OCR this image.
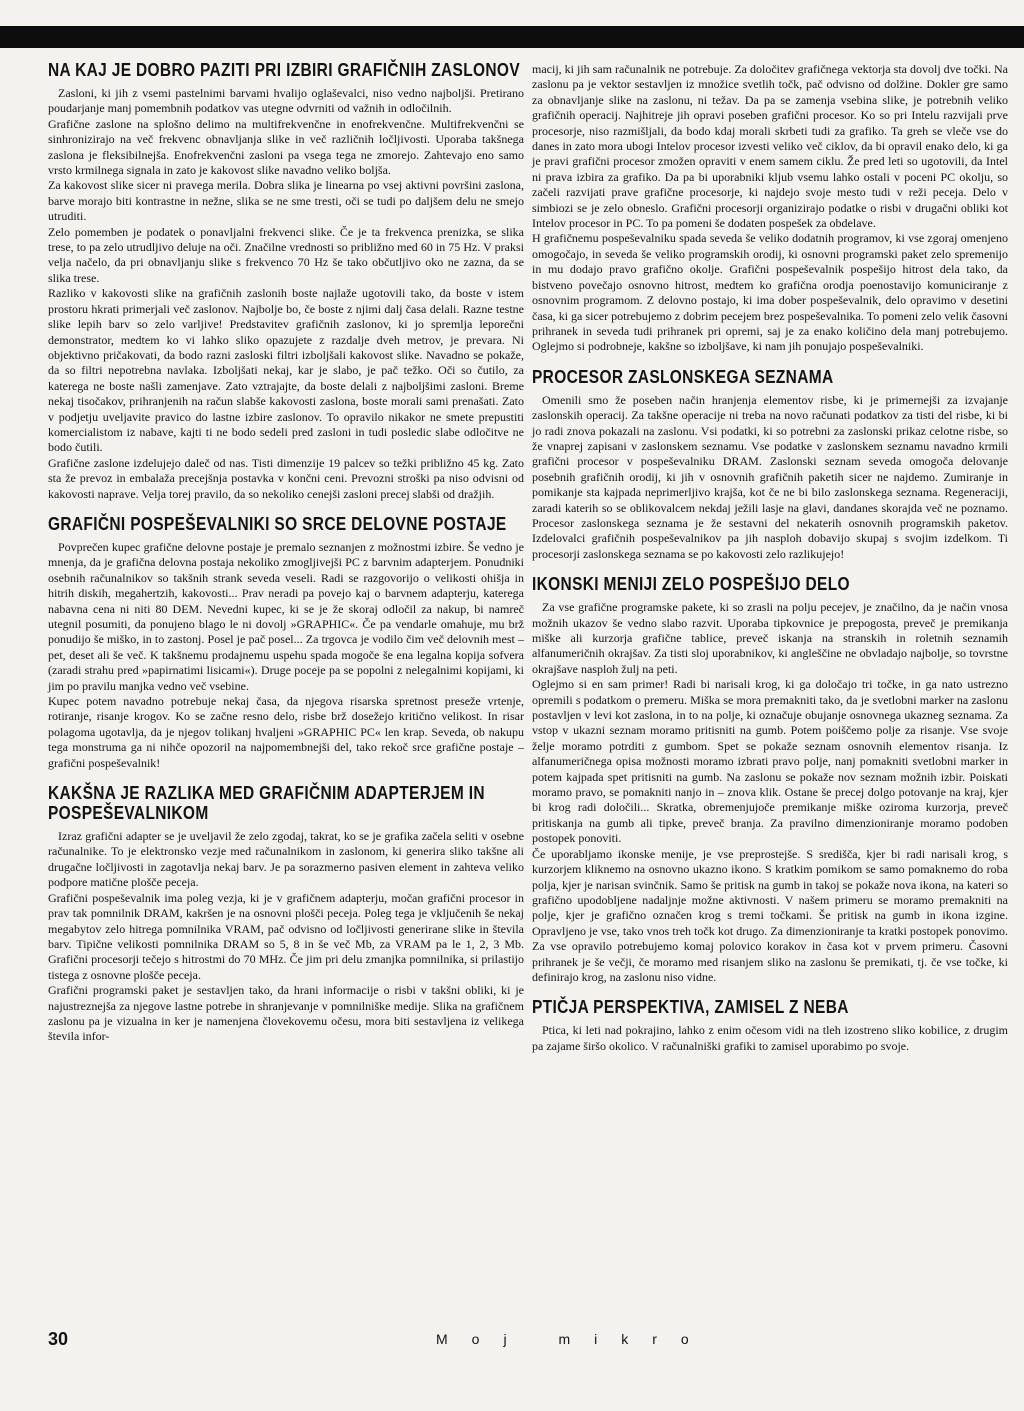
NA KAJ JE DOBRO PAZITI PRI IZBIRI GRAFIČNIH ZASLONOV

Zasloni, ki jih z vsemi pastelnimi barvami hvalijo oglaševalci, niso vedno najboljši. Pretirano poudarjanje manj pomembnih podatkov vas utegne odvrniti od važnih in odločilnih.

Grafične zaslone na splošno delimo na multifrekvenčne in enofrekvenčne. Multifrekvenčni se sinhronizirajo na več frekvenc obnavljanja slike in več različnih ločljivosti. Uporaba takšnega zaslona je fleksibilnejša. Enofrekvenčni zasloni pa vsega tega ne zmorejo. Zahtevajo eno samo vrsto krmilnega signala in zato je kakovost slike navadno veliko boljša.

Za kakovost slike sicer ni pravega merila. Dobra slika je linearna po vsej aktivni površini zaslona, barve morajo biti kontrastne in nežne, slika se ne sme tresti, oči se tudi po daljšem delu ne smejo utruditi.

Zelo pomemben je podatek o ponavljalni frekvenci slike. Če je ta frekvenca prenizka, se slika trese, to pa zelo utrudljivo deluje na oči. Značilne vrednosti so približno med 60 in 75 Hz. V praksi velja načelo, da pri obnavljanju slike s frekvenco 70 Hz še tako občutljivo oko ne zazna, da se slika trese.

Razliko v kakovosti slike na grafičnih zaslonih boste najlaže ugotovili tako, da boste v istem prostoru hkrati primerjali več zaslonov. Najbolje bo, če boste z njimi dalj časa delali. Razne testne slike lepih barv so zelo varljive! Predstavitev grafičnih zaslonov, ki jo spremlja leporečni demonstrator, medtem ko vi lahko sliko opazujete z razdalje dveh metrov, je prevara. Ni objektivno pričakovati, da bodo razni zasloski filtri izboljšali kakovost slike. Navadno se pokaže, da so filtri nepotrebna navlaka. Izboljšati nekaj, kar je slabo, je pač težko. Oči so čutilo, za katerega ne boste našli zamenjave. Zato vztrajajte, da boste delali z najboljšimi zasloni. Breme nekaj tisočakov, prihranjenih na račun slabše kakovosti zaslona, boste morali sami prenašati. Zato v podjetju uveljavite pravico do lastne izbire zaslonov. To opravilo nikakor ne smete prepustiti komercialistom iz nabave, kajti ti ne bodo sedeli pred zasloni in tudi posledic slabe odločitve ne bodo čutili.

Grafične zaslone izdelujejo daleč od nas. Tisti dimenzije 19 palcev so težki približno 45 kg. Zato sta že prevoz in embalaža precejšnja postavka v končni ceni. Prevozni stroški pa niso odvisni od kakovosti naprave. Velja torej pravilo, da so nekoliko cenejši zasloni precej slabši od dražjih.

GRAFIČNI POSPEŠEVALNIKI SO SRCE DELOVNE POSTAJE

Povprečen kupec grafične delovne postaje je premalo seznanjen z možnostmi izbire. Še vedno je mnenja, da je grafična delovna postaja nekoliko zmogljivejši PC z barvnim adapterjem. Ponudniki osebnih računalnikov so takšnih strank seveda veseli. Radi se razgovorijo o velikosti ohišja in hitrih diskih, megahertzih, kakovosti... Prav neradi pa povejo kaj o barvnem adapterju, katerega nabavna cena ni niti 80 DEM. Nevedni kupec, ki se je že skoraj odločil za nakup, bi namreč utegnil posumiti, da ponujeno blago le ni dovolj »GRAPHIC«. Če pa vendarle omahuje, mu brž ponudijo še miško, in to zastonj. Posel je pač posel... Za trgovca je vodilo čim več delovnih mest – pet, deset ali še več. K takšnemu prodajnemu uspehu spada mogoče še ena legalna kopija sofvera (zaradi strahu pred »papirnatimi lisicami«). Druge poceje pa se popolni z nelegalnimi kopijami, ki jim po pravilu manjka vedno več vsebine.

Kupec potem navadno potrebuje nekaj časa, da njegova risarska spretnost preseže vrtenje, rotiranje, risanje krogov. Ko se začne resno delo, risbe brž dosežejo kritično velikost. In risar polagoma ugotavlja, da je njegov tolikanj hvaljeni »GRAPHIC PC« len krap. Seveda, ob nakupu tega monstruma ga ni nihče opozoril na najpomembnejši del, tako rekoč srce grafične postaje – grafični pospeševalnik!

KAKŠNA JE RAZLIKA MED GRAFIČNIM ADAPTERJEM IN POSPEŠEVALNIKOM

Izraz grafični adapter se je uveljavil že zelo zgodaj, takrat, ko se je grafika začela seliti v osebne računalnike. To je elektronsko vezje med računalnikom in zaslonom, ki generira sliko takšne ali drugačne ločljivosti in zagotavlja nekaj barv. Je pa sorazmerno pasiven element in zahteva veliko podpore matične plošče peceja.

Grafični pospeševalnik ima poleg vezja, ki je v grafičnem adapterju, močan grafični procesor in prav tak pomnilnik DRAM, kakršen je na osnovni plošči peceja. Poleg tega je vključenih še nekaj megabytov zelo hitrega pomnilnika VRAM, pač odvisno od ločljivosti generirane slike in števila barv. Tipične velikosti pomnilnika DRAM so 5, 8 in še več Mb, za VRAM pa le 1, 2, 3 Mb. Grafični procesorji tečejo s hitrostmi do 70 MHz. Če jim pri delu zmanjka pomnilnika, si prilastijo tistega z osnovne plošče peceja.

Grafični programski paket je sestavljen tako, da hrani informacije o risbi v takšni obliki, ki je najustreznejša za njegove lastne potrebe in shranjevanje v pomnilniške medije. Slika na grafičnem zaslonu pa je vizualna in ker je namenjena človekovemu očesu, mora biti sestavljena iz velikega števila infor-

macij, ki jih sam računalnik ne potrebuje. Za določitev grafičnega vektorja sta dovolj dve točki. Na zaslonu pa je vektor sestavljen iz množice svetlih točk, pač odvisno od dolžine. Dokler gre samo za obnavljanje slike na zaslonu, ni težav. Da pa se zamenja vsebina slike, je potrebnih veliko grafičnih operacij. Najhitreje jih opravi poseben grafični procesor. Ko so pri Intelu razvijali prve procesorje, niso razmišljali, da bodo kdaj morali skrbeti tudi za grafiko. Ta greh se vleče vse do danes in zato mora ubogi Intelov procesor izvesti veliko več ciklov, da bi opravil enako delo, ki ga je pravi grafični procesor zmožen opraviti v enem samem ciklu. Že pred leti so ugotovili, da Intel ni prava izbira za grafiko. Da pa bi uporabniki kljub vsemu lahko ostali v poceni PC okolju, so začeli razvijati prave grafične procesorje, ki najdejo svoje mesto tudi v reži peceja. Delo v simbiozi se je zelo obneslo. Grafični procesorji organizirajo podatke o risbi v drugačni obliki kot Intelov procesor in PC. To pa pomeni še dodaten pospešek za obdelave.

H grafičnemu pospeševalniku spada seveda še veliko dodatnih programov, ki vse zgoraj omenjeno omogočajo, in seveda še veliko programskih orodij, ki osnovni programski paket zelo spremenijo in mu dodajo pravo grafično okolje. Grafični pospeševalnik pospešijo hitrost dela tako, da bistveno povečajo osnovno hitrost, medtem ko grafična orodja poenostavijo komuniciranje z osnovnim programom. Z delovno postajo, ki ima dober pospeševalnik, delo opravimo v desetini časa, ki ga sicer potrebujemo z dobrim pecejem brez pospeševalnika. To pomeni zelo velik časovni prihranek in seveda tudi prihranek pri opremi, saj je za enako količino dela manj potrebujemo. Oglejmo si podrobneje, kakšne so izboljšave, ki nam jih ponujajo pospeševalniki.

PROCESOR ZASLONSKEGA SEZNAMA

Omenili smo že poseben način hranjenja elementov risbe, ki je primernejši za izvajanje zaslonskih operacij. Za takšne operacije ni treba na novo računati podatkov za tisti del risbe, ki bi jo radi znova pokazali na zaslonu. Vsi podatki, ki so potrebni za zaslonski prikaz celotne risbe, so že vnaprej zapisani v zaslonskem seznamu. Vse podatke v zaslonskem seznamu navadno krmili grafični procesor v pospeševalniku DRAM. Zaslonski seznam seveda omogoča delovanje posebnih grafičnih orodij, ki jih v osnovnih grafičnih paketih sicer ne najdemo. Zumiranje in pomikanje sta kajpada neprimerljivo krajša, kot če ne bi bilo zaslonskega seznama. Regeneraciji, zaradi katerih so se oblikovalcem nekdaj ježili lasje na glavi, dandanes skorajda več ne poznamo. Procesor zaslonskega seznama je že sestavni del nekaterih osnovnih programskih paketov. Izdelovalci grafičnih pospeševalnikov pa jih nasploh dobavijo skupaj s svojim izdelkom. Ti procesorji zaslonskega seznama se po kakovosti zelo razlikujejo!

IKONSKI MENIJI ZELO POSPEŠIJO DELO

Za vse grafične programske pakete, ki so zrasli na polju pecejev, je značilno, da je način vnosa možnih ukazov še vedno slabo razvit. Uporaba tipkovnice je prepogosta, preveč je premikanja miške ali kurzorja grafične tablice, preveč iskanja na stranskih in roletnih seznamih alfanumeričnih okrajšav. Za tisti sloj uporabnikov, ki angleščine ne obvladajo najbolje, so tovrstne okrajšave nasploh žulj na peti.

Oglejmo si en sam primer! Radi bi narisali krog, ki ga določajo tri točke, in ga nato ustrezno opremili s podatkom o premeru. Miška se mora premakniti tako, da je svetlobni marker na zaslonu postavljen v levi kot zaslona, in to na polje, ki označuje obujanje osnovnega ukazneg seznama. Za vstop v ukazni seznam moramo pritisniti na gumb. Potem poiščemo polje za risanje. Vse svoje želje moramo potrditi z gumbom. Spet se pokaže seznam osnovnih elementov risanja. Iz alfanumeričnega opisa možnosti moramo izbrati pravo polje, nanj pomakniti svetlobni marker in potem kajpada spet pritisniti na gumb. Na zaslonu se pokaže nov seznam možnih izbir. Poiskati moramo pravo, se pomakniti nanjo in – znova klik. Ostane še precej dolgo potovanje na kraj, kjer bi krog radi določili... Skratka, obremenjujoče premikanje miške oziroma kurzorja, preveč pritiskanja na gumb ali tipke, preveč branja. Za pravilno dimenzioniranje moramo podoben postopek ponoviti.

Če uporabljamo ikonske menije, je vse preprostejše. S središča, kjer bi radi narisali krog, s kurzorjem kliknemo na osnovno ukazno ikono. S kratkim pomikom se samo pomaknemo do roba polja, kjer je narisan svinčnik. Samo še pritisk na gumb in takoj se pokaže nova ikona, na kateri so grafično upodobljene nadaljnje možne aktivnosti. V našem primeru se moramo premakniti na polje, kjer je grafično označen krog s tremi točkami. Še pritisk na gumb in ikona izgine. Opravljeno je vse, tako vnos treh točk kot drugo. Za dimenzioniranje ta kratki postopek ponovimo. Za vse opravilo potrebujemo komaj polovico korakov in časa kot v prvem primeru. Časovni prihranek je še večji, če moramo med risanjem sliko na zaslonu še premikati, tj. če vse točke, ki definirajo krog, na zaslonu niso vidne.

PTIČJA PERSPEKTIVA, ZAMISEL Z NEBA

Ptica, ki leti nad pokrajino, lahko z enim očesom vidi na tleh izostreno sliko kobilice, z drugim pa zajame širšo okolico. V računalniški grafiki to zamisel uporabimo po svoje.

30	Moj mikro
